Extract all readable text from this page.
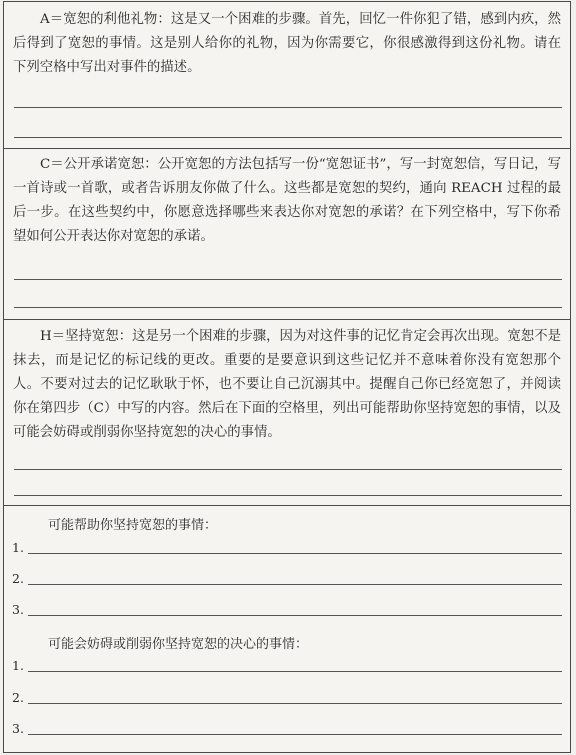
A＝宽恕的利他礼物：这是又一个困难的步骤。首先，回忆一件你犯了错，感到内疚，然后得到了宽恕的事情。这是别人给你的礼物，因为你需要它，你很感激得到这份礼物。请在下列空格中写出对事件的描述。

C＝公开承诺宽恕：公开宽恕的方法包括写一份“宽恕证书”，写一封宽恕信，写日记，写一首诗或一首歌，或者告诉朋友你做了什么。这些都是宽恕的契约，通向 REACH 过程的最后一步。在这些契约中，你愿意选择哪些来表达你对宽恕的承诺？在下列空格中，写下你希望如何公开表达你对宽恕的承诺。

H＝坚持宽恕：这是另一个困难的步骤，因为对这件事的记忆肯定会再次出现。宽恕不是抹去，而是记忆的标记线的更改。重要的是要意识到这些记忆并不意味着你没有宽恕那个人。不要对过去的记忆耿耿于怀，也不要让自己沉溺其中。提醒自己你已经宽恕了，并阅读你在第四步（C）中写的内容。然后在下面的空格里，列出可能帮助你坚持宽恕的事情，以及可能会妨碍或削弱你坚持宽恕的决心的事情。

可能帮助你坚持宽恕的事情：
1.
2.
3.
可能会妨碍或削弱你坚持宽恕的决心的事情：
1.
2.
3.
